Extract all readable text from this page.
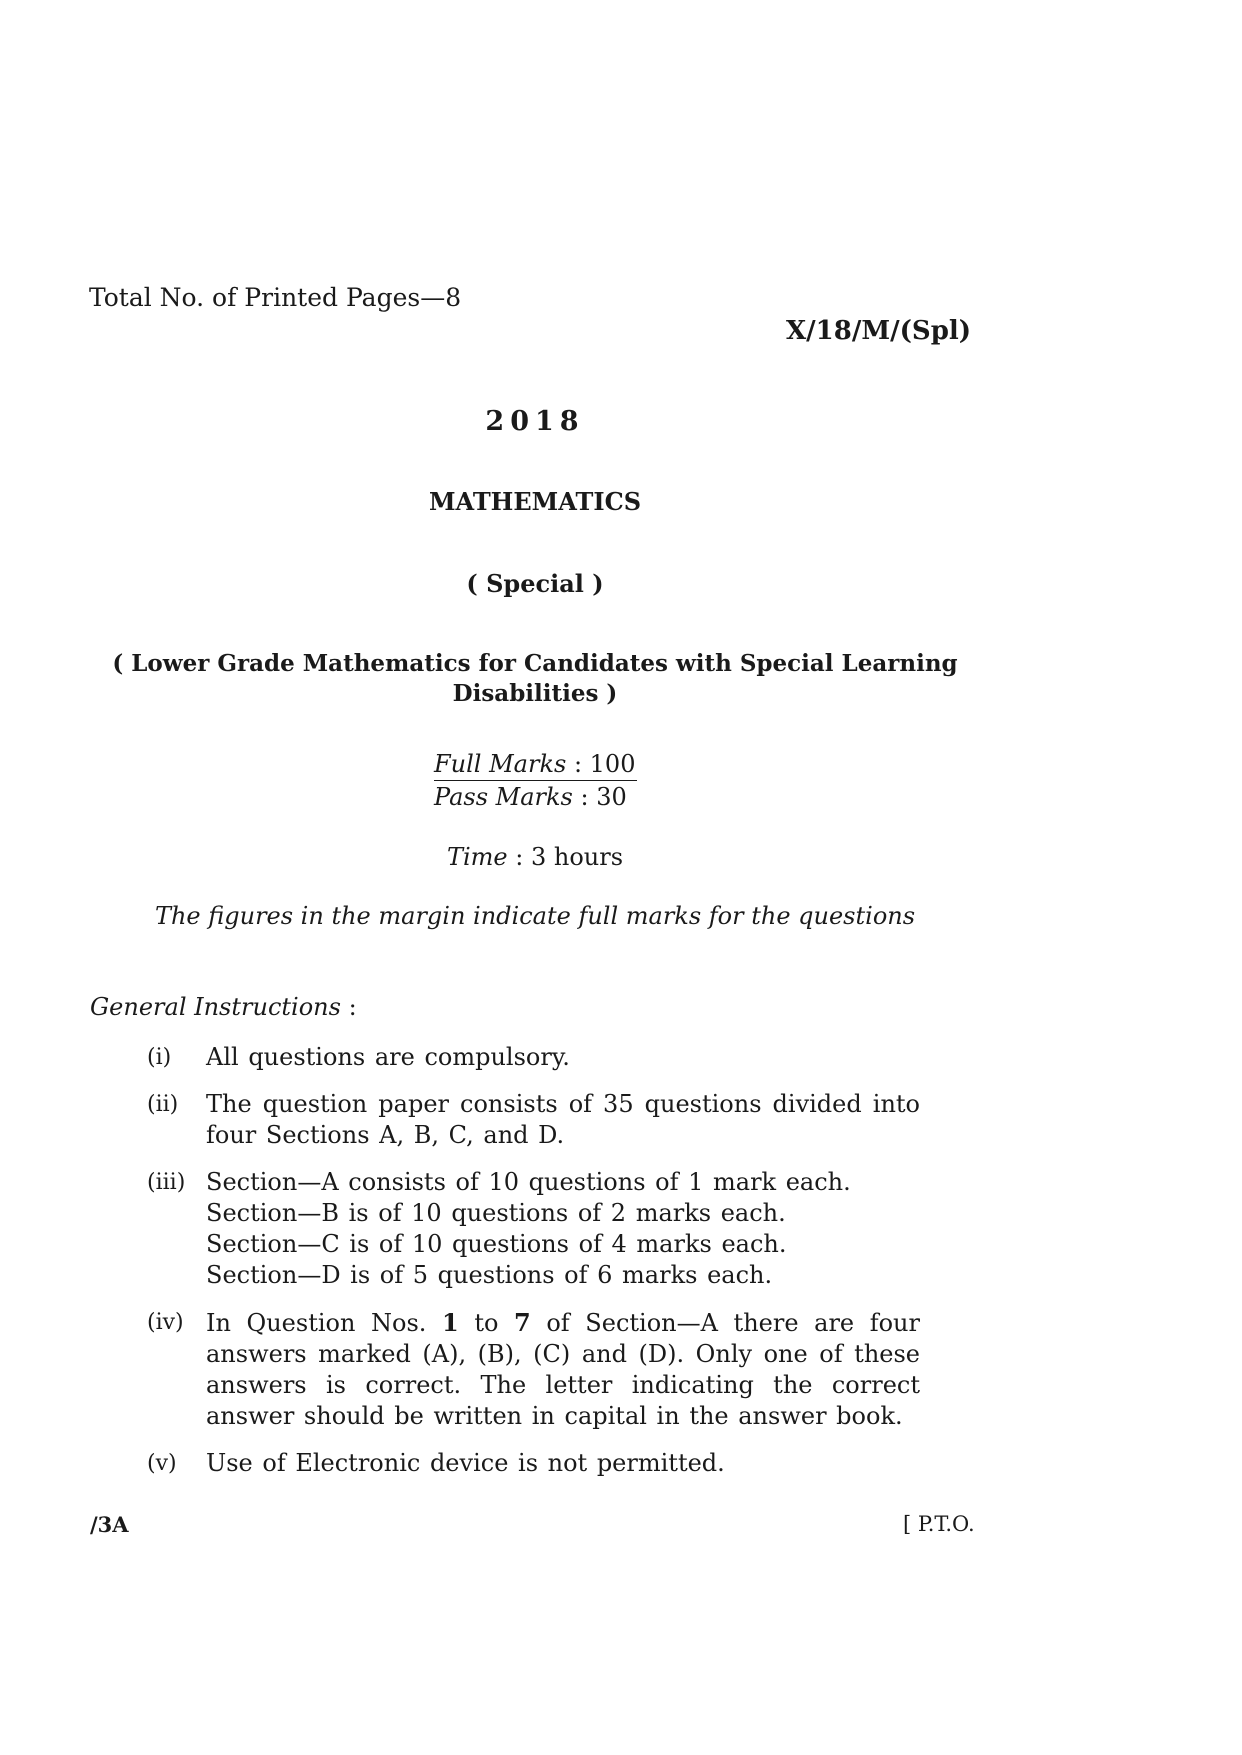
Total No. of Printed Pages—8
X/18/M/(Spl)
2018
MATHEMATICS
( Special )
( Lower Grade Mathematics for Candidates with Special Learning Disabilities )
Full Marks : 100
Pass Marks : 30
Time : 3 hours
The figures in the margin indicate full marks for the questions
General Instructions :
(i)	All questions are compulsory.
(ii)	The question paper consists of 35 questions divided into four Sections A, B, C, and D.
(iii) Section—A consists of 10 questions of 1 mark each.
Section—B is of 10 questions of 2 marks each.
Section—C is of 10 questions of 4 marks each.
Section—D is of 5 questions of 6 marks each.
(iv) In Question Nos. 1 to 7 of Section—A there are four answers marked (A), (B), (C) and (D). Only one of these answers is correct. The letter indicating the correct answer should be written in capital in the answer book.
(v)	Use of Electronic device is not permitted.
/3A	[ P.T.O.
